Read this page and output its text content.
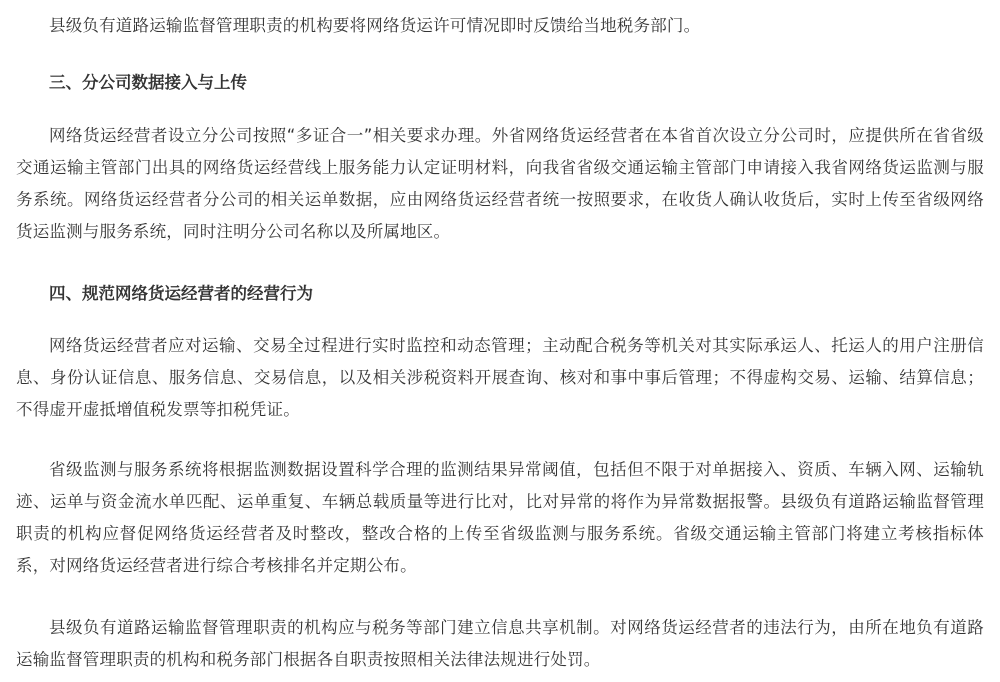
县级负有道路运输监督管理职责的机构要将网络货运许可情况即时反馈给当地税务部门。

三、分公司数据接入与上传

网络货运经营者设立分公司按照“多证合一”相关要求办理。外省网络货运经营者在本省首次设立分公司时，应提供所在省省级交通运输主管部门出具的网络货运经营线上服务能力认定证明材料，向我省省级交通运输主管部门申请接入我省网络货运监测与服务系统。网络货运经营者分公司的相关运单数据，应由网络货运经营者统一按照要求，在收货人确认收货后，实时上传至省级网络货运监测与服务系统，同时注明分公司名称以及所属地区。

四、规范网络货运经营者的经营行为

网络货运经营者应对运输、交易全过程进行实时监控和动态管理；主动配合税务等机关对其实际承运人、托运人的用户注册信息、身份认证信息、服务信息、交易信息，以及相关涉税资料开展查询、核对和事中事后管理；不得虚构交易、运输、结算信息；不得虚开虚抵增值税发票等扣税凭证。

省级监测与服务系统将根据监测数据设置科学合理的监测结果异常阈值，包括但不限于对单据接入、资质、车辆入网、运输轨迹、运单与资金流水单匹配、运单重复、车辆总载质量等进行比对，比对异常的将作为异常数据报警。县级负有道路运输监督管理职责的机构应督促网络货运经营者及时整改，整改合格的上传至省级监测与服务系统。省级交通运输主管部门将建立考核指标体系，对网络货运经营者进行综合考核排名并定期公布。

县级负有道路运输监督管理职责的机构应与税务等部门建立信息共享机制。对网络货运经营者的违法行为，由所在地负有道路运输监督管理职责的机构和税务部门根据各自职责按照相关法律法规进行处罚。
